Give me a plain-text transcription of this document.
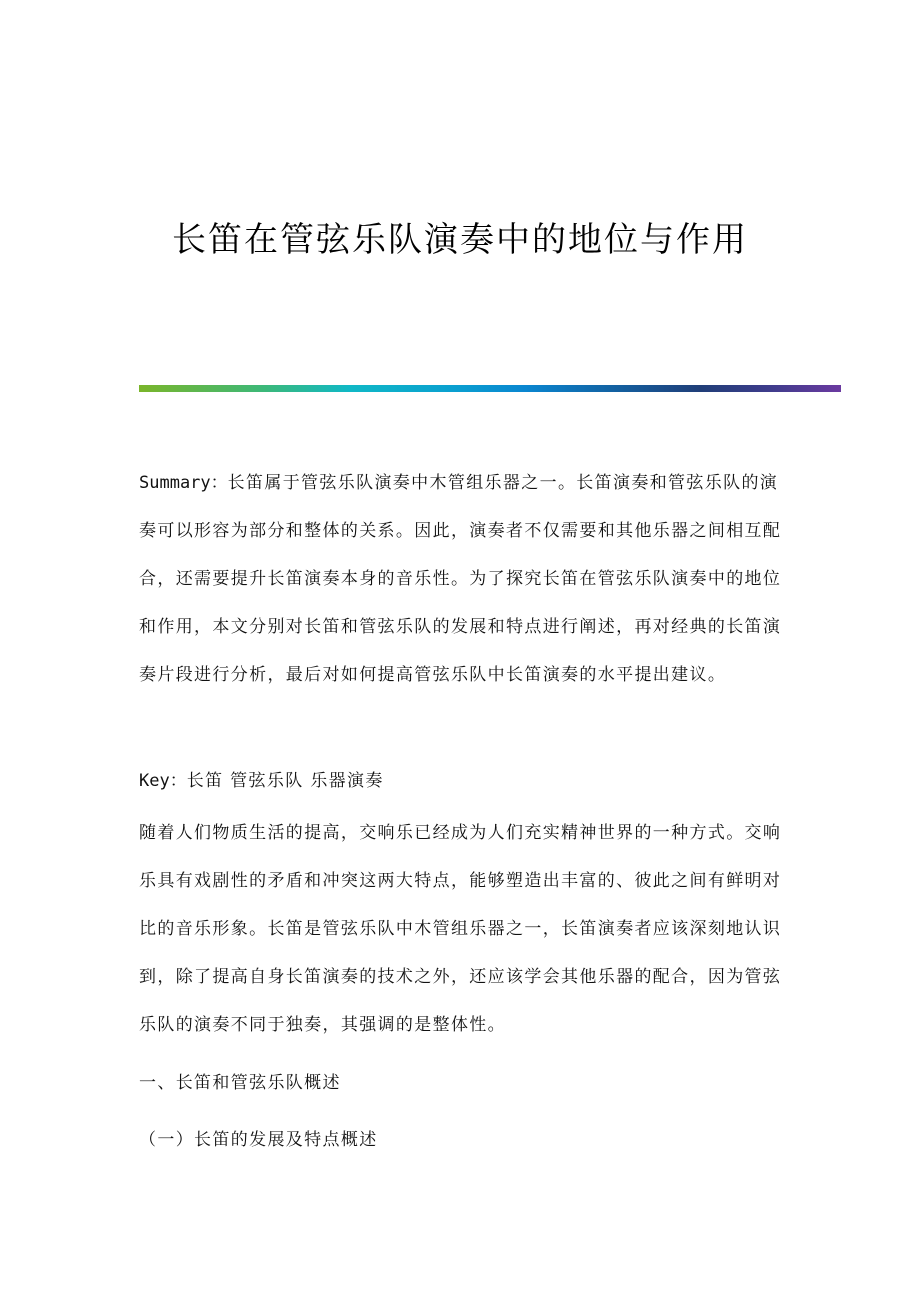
长笛在管弦乐队演奏中的地位与作用

Summary：长笛属于管弦乐队演奏中木管组乐器之一。长笛演奏和管弦乐队的演奏可以形容为部分和整体的关系。因此，演奏者不仅需要和其他乐器之间相互配合，还需要提升长笛演奏本身的音乐性。为了探究长笛在管弦乐队演奏中的地位和作用，本文分别对长笛和管弦乐队的发展和特点进行阐述，再对经典的长笛演奏片段进行分析，最后对如何提高管弦乐队中长笛演奏的水平提出建议。

Key：长笛 管弦乐队 乐器演奏

随着人们物质生活的提高，交响乐已经成为人们充实精神世界的一种方式。交响乐具有戏剧性的矛盾和冲突这两大特点，能够塑造出丰富的、彼此之间有鲜明对比的音乐形象。长笛是管弦乐队中木管组乐器之一，长笛演奏者应该深刻地认识到，除了提高自身长笛演奏的技术之外，还应该学会其他乐器的配合，因为管弦乐队的演奏不同于独奏，其强调的是整体性。

一、长笛和管弦乐队概述
（一）长笛的发展及特点概述
